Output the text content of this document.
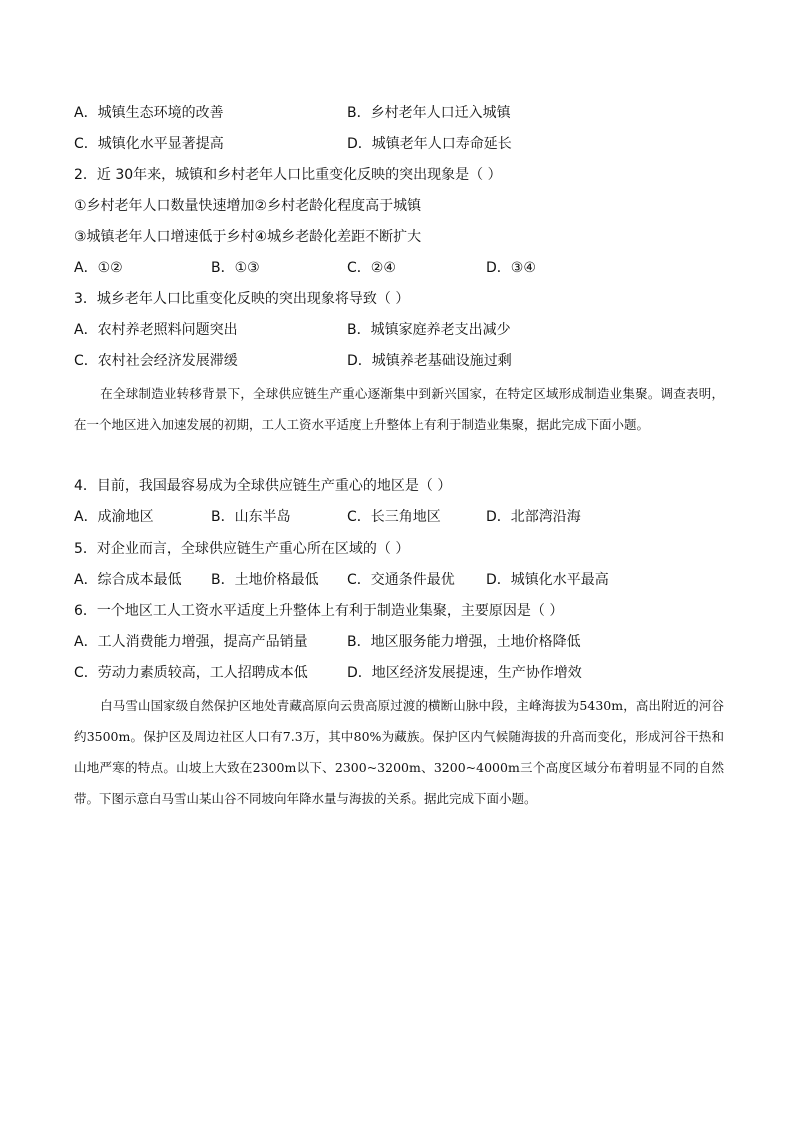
A．城镇生态环境的改善	B．乡村老年人口迁入城镇
C．城镇化水平显著提高	D．城镇老年人口寿命延长
2．近 30年来，城镇和乡村老年人口比重变化反映的突出现象是（ ）
①乡村老年人口数量快速增加②乡村老龄化程度高于城镇
③城镇老年人口增速低于乡村④城乡老龄化差距不断扩大
A．①②	B．①③	C．②④	D．③④
3．城乡老年人口比重变化反映的突出现象将导致（ ）
A．农村养老照料问题突出	B．城镇家庭养老支出减少
C．农村社会经济发展滞缓	D．城镇养老基础设施过剩
在全球制造业转移背景下，全球供应链生产重心逐渐集中到新兴国家，在特定区域形成制造业集聚。调查表明，在一个地区进入加速发展的初期，工人工资水平适度上升整体上有利于制造业集聚，据此完成下面小题。
4．目前，我国最容易成为全球供应链生产重心的地区是（ ）
A．成渝地区	B．山东半岛	C．长三角地区	D．北部湾沿海
5．对企业而言，全球供应链生产重心所在区域的（ ）
A．综合成本最低 B．土地价格最低 C．交通条件最优 D．城镇化水平最高
6．一个地区工人工资水平适度上升整体上有利于制造业集聚，主要原因是（ ）
A．工人消费能力增强，提高产品销量	B．地区服务能力增强，土地价格降低
C．劳动力素质较高，工人招聘成本低	D．地区经济发展提速，生产协作增效
白马雪山国家级自然保护区地处青藏高原向云贵高原过渡的横断山脉中段，主峰海拔为5430m，高出附近的河谷约3500m。保护区及周边社区人口有7.3万，其中80%为藏族。保护区内气候随海拔的升高而变化，形成河谷干热和山地严寒的特点。山坡上大致在2300m以下、2300~3200m、3200~4000m三个高度区域分布着明显不同的自然带。下图示意白马雪山某山谷不同坡向年降水量与海拔的关系。据此完成下面小题。
